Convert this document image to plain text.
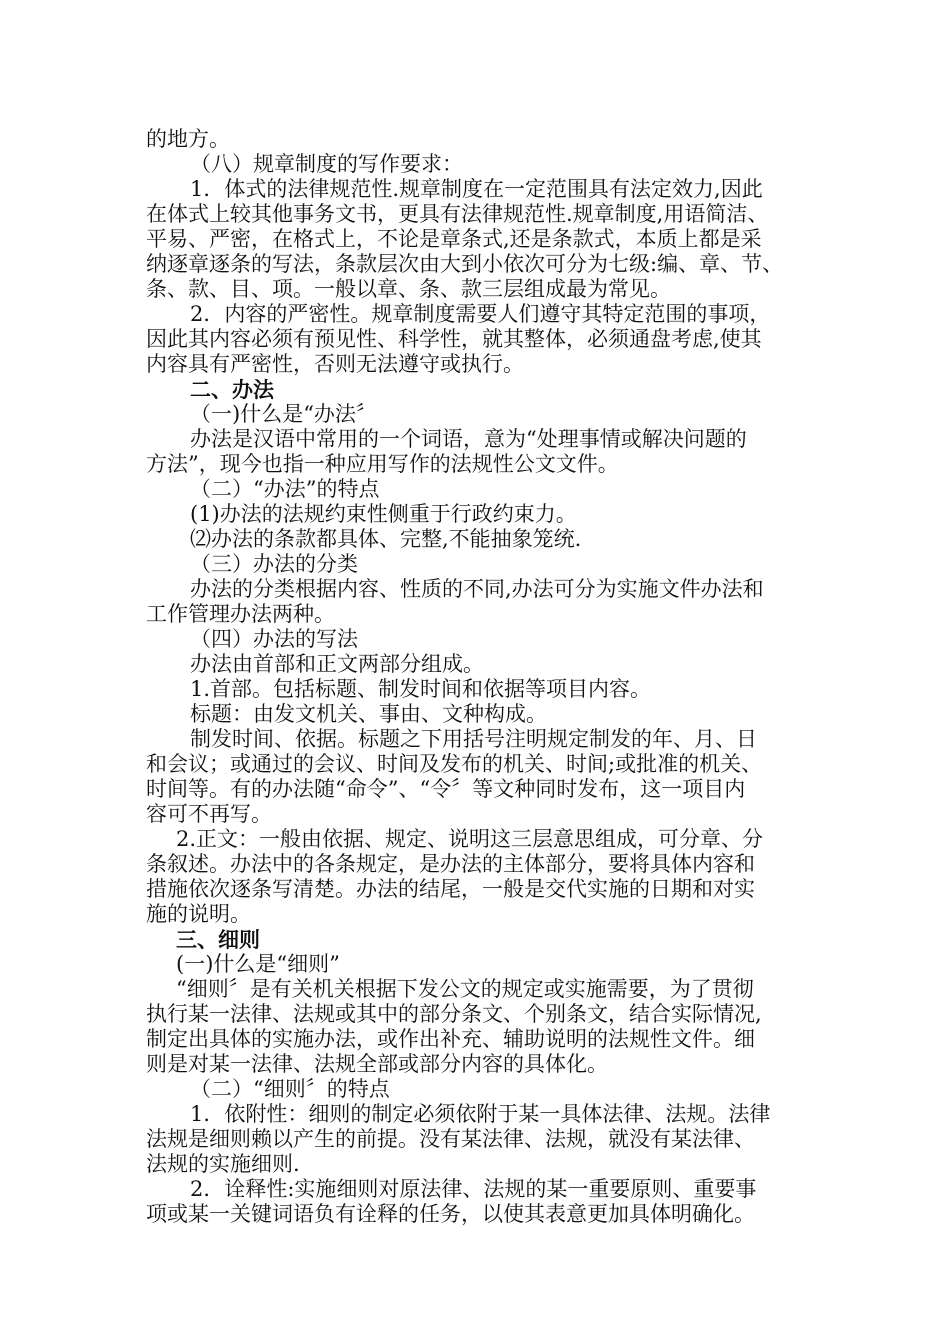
的地方。
（八）规章制度的写作要求：
1．体式的法律规范性.规章制度在一定范围具有法定效力,因此
在体式上较其他事务文书，更具有法律规范性.规章制度,用语简洁、
平易、严密，在格式上，不论是章条式,还是条款式，本质上都是采
纳逐章逐条的写法，条款层次由大到小依次可分为七级:编、章、节、
条、款、目、项。一般以章、条、款三层组成最为常见。
2．内容的严密性。规章制度需要人们遵守其特定范围的事项，
因此其内容必须有预见性、科学性，就其整体，必须通盘考虑,使其
内容具有严密性，否则无法遵守或执行。
二、办法
（一)什么是“办法〞
办法是汉语中常用的一个词语，意为“处理事情或解决问题的
方法”，现今也指一种应用写作的法规性公文文件。
（二）“办法”的特点
(1)办法的法规约束性侧重于行政约束力。
⑵办法的条款都具体、完整,不能抽象笼统.
（三）办法的分类
办法的分类根据内容、性质的不同,办法可分为实施文件办法和
工作管理办法两种。
（四）办法的写法
办法由首部和正文两部分组成。
1.首部。包括标题、制发时间和依据等项目内容。
标题：由发文机关、事由、文种构成。
制发时间、依据。标题之下用括号注明规定制发的年、月、日
和会议；或通过的会议、时间及发布的机关、时间;或批准的机关、
时间等。有的办法随“命令”、“令〞等文种同时发布，这一项目内
容可不再写。
2.正文：一般由依据、规定、说明这三层意思组成，可分章、分
条叙述。办法中的各条规定，是办法的主体部分，要将具体内容和
措施依次逐条写清楚。办法的结尾，一般是交代实施的日期和对实
施的说明。
三、细则
(一)什么是“细则”
“细则〞是有关机关根据下发公文的规定或实施需要，为了贯彻
执行某一法律、法规或其中的部分条文、个别条文，结合实际情况,
制定出具体的实施办法，或作出补充、辅助说明的法规性文件。细
则是对某一法律、法规全部或部分内容的具体化。
（二）“细则〞的特点
1．依附性：细则的制定必须依附于某一具体法律、法规。法律
法规是细则赖以产生的前提。没有某法律、法规，就没有某法律、
法规的实施细则.
2．诠释性:实施细则对原法律、法规的某一重要原则、重要事
项或某一关键词语负有诠释的任务，以使其表意更加具体明确化。
